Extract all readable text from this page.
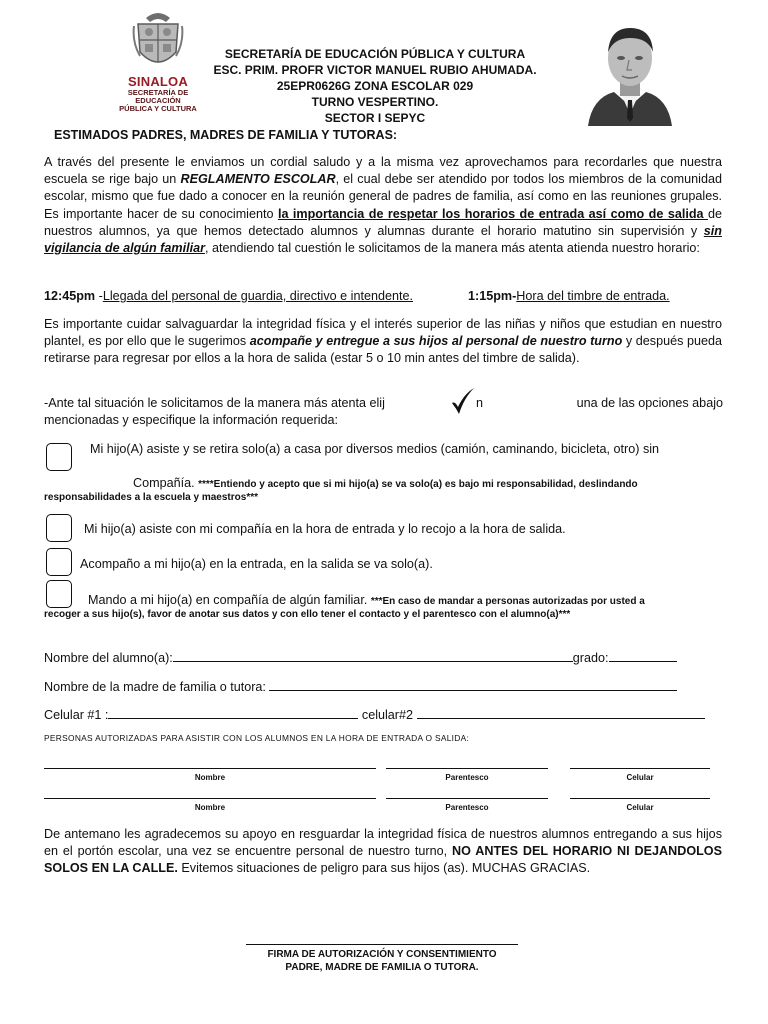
SINALOA
SECRETARÍA DE
EDUCACIÓN
PÚBLICA Y CULTURA
SECRETARÍA DE EDUCACIÓN PÚBLICA Y CULTURA
ESC. PRIM. PROFR VICTOR MANUEL RUBIO AHUMADA.
25EPR0626G ZONA ESCOLAR 029
TURNO VESPERTINO.
SECTOR I SEPYC
ESTIMADOS PADRES, MADRES DE FAMILIA Y TUTORAS:
A través del presente le enviamos un cordial saludo y a la misma vez aprovechamos para recordarles que nuestra escuela se rige bajo un REGLAMENTO ESCOLAR, el cual debe ser atendido por todos los miembros de la comunidad escolar, mismo que fue dado a conocer en la reunión general de padres de familia, así como en las reuniones grupales. Es importante hacer de su conocimiento la importancia de respetar los horarios de entrada así como de salida de nuestros alumnos, ya que hemos detectado alumnos y alumnas durante el horario matutino sin supervisión y sin vigilancia de algún familiar, atendiendo tal cuestión le solicitamos de la manera más atenta atienda nuestro horario:
12:45pm -Llegada del personal de guardia, directivo e intendente.	1:15pm-Hora del timbre de entrada.
Es importante cuidar salvaguardar la integridad física y el interés superior de las niñas y niños que estudian en nuestro plantel, es por ello que le sugerimos acompañe y entregue a sus hijos al personal de nuestro turno y después pueda retirarse para regresar por ellos a la hora de salida (estar 5 o 10 min antes del timbre de salida).
-Ante tal situación le solicitamos de la manera más atenta elij	n	una de las opciones abajo
mencionadas y especifique la información requerida:
Mi hijo(A) asiste y se retira solo(a) a casa por diversos medios (camión, caminando, bicicleta, otro) sin
Compañía. ****Entiendo y acepto que si mi hijo(a) se va solo(a) es bajo mi responsabilidad, deslindando
responsabilidades a la escuela y maestros***
Mi hijo(a) asiste con mi compañía en la hora de entrada y lo recojo a la hora de salida.
Acompaño a mi hijo(a) en la entrada, en la salida se va solo(a).
Mando a mi hijo(a) en compañía de algún familiar. ***En caso de mandar a personas autorizadas por usted a
recoger a sus hijo(s), favor de anotar sus datos y con ello tener el contacto y el parentesco con el alumno(a)***
Nombre del alumno(a):	grado:
Nombre de la madre de familia o tutora:
Celular #1 :	celular#2
PERSONAS AUTORIZADAS PARA ASISTIR CON LOS ALUMNOS EN LA HORA DE ENTRADA O SALIDA:
Nombre	Parentesco	Celular
Nombre	Parentesco	Celular
De antemano les agradecemos su apoyo en resguardar la integridad física de nuestros alumnos entregando a sus hijos en el portón escolar, una vez se encuentre personal de nuestro turno, NO ANTES DEL HORARIO NI DEJANDOLOS SOLOS EN LA CALLE. Evitemos situaciones de peligro para sus hijos (as). MUCHAS GRACIAS.
FIRMA DE AUTORIZACIÓN Y CONSENTIMIENTO
PADRE, MADRE DE FAMILIA O TUTORA.
